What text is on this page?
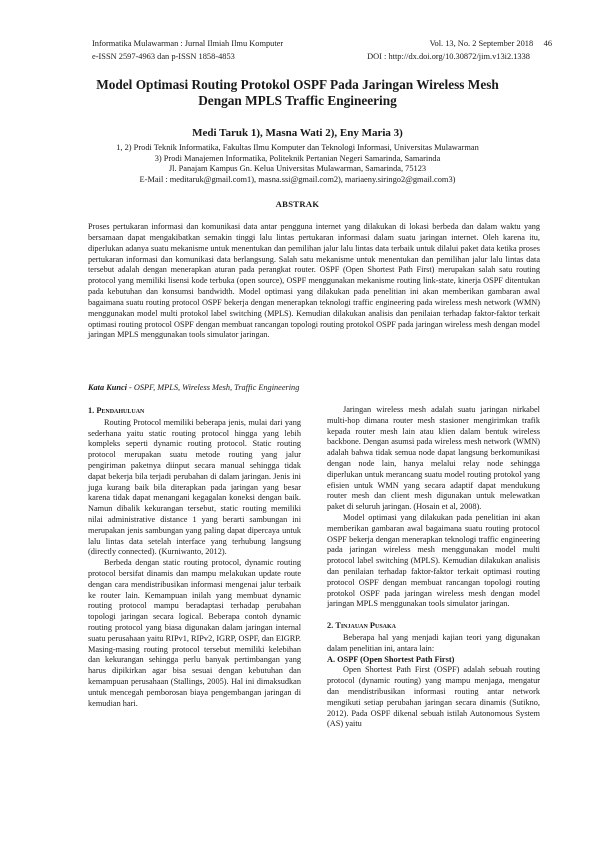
Informatika Mulawarman : Jurnal Ilmiah Ilmu Komputer	Vol. 13, No. 2 September 2018 46
e-ISSN 2597-4963 dan p-ISSN 1858-4853	DOI : http://dx.doi.org/10.30872/jim.v13i2.1338
Model Optimasi Routing Protokol OSPF Pada Jaringan Wireless Mesh
Dengan MPLS Traffic Engineering
Medi Taruk 1), Masna Wati 2), Eny Maria 3)
1, 2) Prodi Teknik Informatika, Fakultas Ilmu Komputer dan Teknologi Informasi, Universitas Mulawarman
3) Prodi Manajemen Informatika, Politeknik Pertanian Negeri Samarinda, Samarinda
Jl. Panajam Kampus Gn. Kelua Universitas Mulawarman, Samarinda, 75123
E-Mail : meditaruk@gmail.com1), masna.ssi@gmail.com2), mariaeny.siringo2@gmail.com3)
ABSTRAK
Proses pertukaran informasi dan komunikasi data antar pengguna internet yang dilakukan di lokasi berbeda dan dalam waktu yang bersamaan dapat mengakibatkan semakin tinggi lalu lintas pertukaran informasi dalam suatu jaringan internet. Oleh karena itu, diperlukan adanya suatu mekanisme untuk menentukan dan pemilihan jalur lalu lintas data terbaik untuk dilalui paket data ketika proses pertukaran informasi dan komunikasi data berlangsung. Salah satu mekanisme untuk menentukan dan pemilihan jalur lalu lintas data tersebut adalah dengan menerapkan aturan pada perangkat router. OSPF (Open Shortest Path First) merupakan salah satu routing protocol yang memiliki lisensi kode terbuka (open source), OSPF menggunakan mekanisme routing link-state, kinerja OSPF ditentukan pada kebutuhan dan konsumsi bandwidth. Model optimasi yang dilakukan pada penelitian ini akan memberikan gambaran awal bagaimana suatu routing protocol OSPF bekerja dengan menerapkan teknologi traffic engineering pada wireless mesh network (WMN) menggunakan model multi protokol label switching (MPLS). Kemudian dilakukan analisis dan penilaian terhadap faktor-faktor terkait optimasi routing protocol OSPF dengan membuat rancangan topologi routing protokol OSPF pada jaringan wireless mesh dengan model jaringan MPLS menggunakan tools simulator jaringan.
Kata Kunci - OSPF, MPLS, Wireless Mesh, Traffic Engineering
1. Pendahuluan

Routing Protocol memiliki beberapa jenis, mulai dari yang sederhana yaitu static routing protocol hingga yang lebih kompleks seperti dynamic routing protocol. Static routing protocol merupakan suatu metode routing yang jalur pengiriman paketnya diinput secara manual sehingga tidak dapat bekerja bila terjadi perubahan di dalam jaringan. Jenis ini juga kurang baik bila diterapkan pada jaringan yang besar karena tidak dapat menangani kegagalan koneksi dengan baik. Namun dibalik kekurangan tersebut, static routing memiliki nilai administrative distance 1 yang berarti sambungan ini merupakan jenis sambungan yang paling dapat dipercaya untuk lalu lintas data setelah interface yang terhubung langsung (directly connected). (Kurniwanto, 2012).

Berbeda dengan static routing protocol, dynamic routing protocol bersifat dinamis dan mampu melakukan update route dengan cara mendistribusikan informasi mengenai jalur terbaik ke router lain. Kemampuan inilah yang membuat dynamic routing protocol mampu beradaptasi terhadap perubahan topologi jaringan secara logical. Beberapa contoh dynamic routing protocol yang biasa digunakan dalam jaringan internal suatu perusahaan yaitu RIPv1, RIPv2, IGRP, OSPF, dan EIGRP. Masing-masing routing protocol tersebut memiliki kelebihan dan kekurangan sehingga perlu banyak pertimbangan yang harus dipikirkan agar bisa sesuai dengan kebutuhan dan kemampuan perusahaan (Stallings, 2005). Hal ini dimaksudkan untuk mencegah pemborosan biaya pengembangan jaringan di kemudian hari.

Jaringan wireless mesh adalah suatu jaringan nirkabel multi-hop dimana router mesh stasioner mengirimkan trafik kepada router mesh lain atau klien dalam bentuk wireless backbone. Dengan asumsi pada wireless mesh network (WMN) adalah bahwa tidak semua node dapat langsung berkomunikasi dengan node lain, hanya melalui relay node sehingga diperlukan untuk merancang suatu model routing protokol yang efisien untuk WMN yang secara adaptif dapat mendukung router mesh dan client mesh digunakan untuk melewatkan paket di seluruh jaringan. (Hosain et al, 2008).

Model optimasi yang dilakukan pada penelitian ini akan memberikan gambaran awal bagaimana suatu routing protocol OSPF bekerja dengan menerapkan teknologi traffic engineering pada jaringan wireless mesh menggunakan model multi protocol label switching (MPLS). Kemudian dilakukan analisis dan penilaian terhadap faktor-faktor terkait optimasi routing protocol OSPF dengan membuat rancangan topologi routing protokol OSPF pada jaringan wireless mesh dengan model jaringan MPLS menggunakan tools simulator jaringan.

2. Tinjauan Pusaka

Beberapa hal yang menjadi kajian teori yang digunakan dalam penelitian ini, antara lain:

A. OSPF (Open Shortest Path First)

Open Shortest Path First (OSPF) adalah sebuah routing protocol (dynamic routing) yang mampu menjaga, mengatur dan mendistribusikan informasi routing antar network mengikuti setiap perubahan jaringan secara dinamis (Sutikno, 2012). Pada OSPF dikenal sebuah istilah Autonomous System (AS) yaitu
